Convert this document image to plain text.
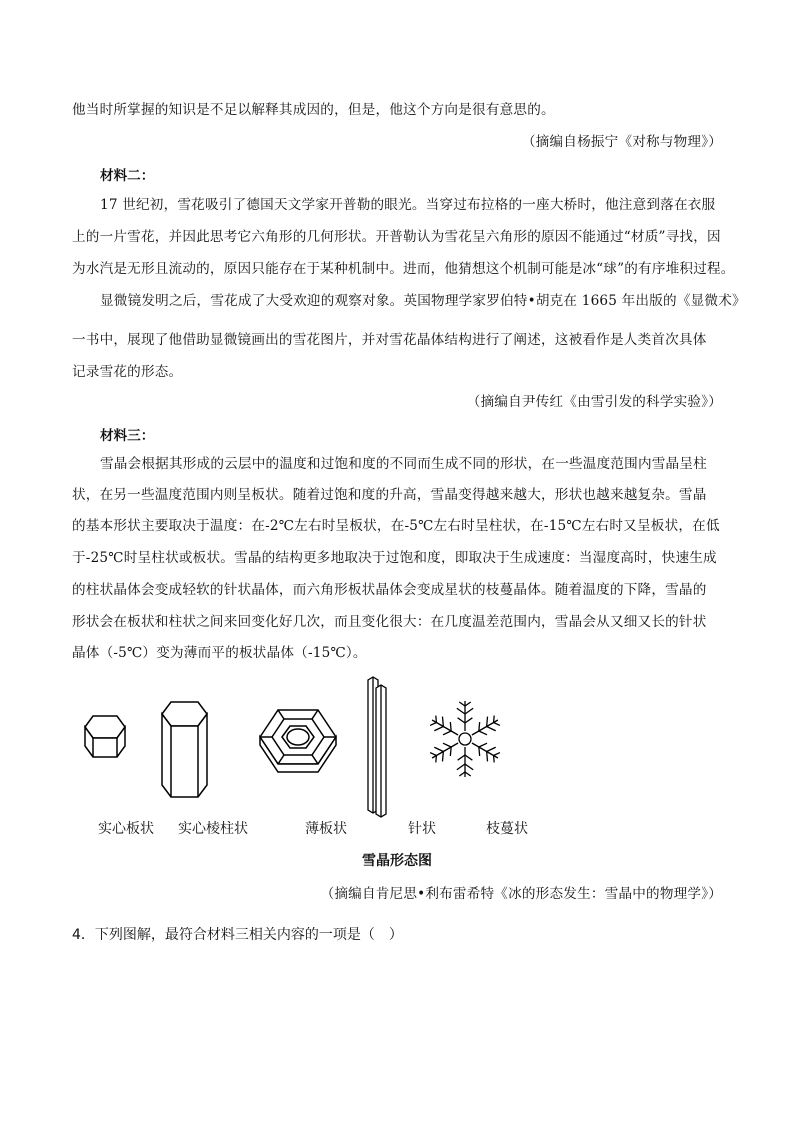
他当时所掌握的知识是不足以解释其成因的，但是，他这个方向是很有意思的。
（摘编自杨振宁《对称与物理》）
材料二：
17 世纪初，雪花吸引了德国天文学家开普勒的眼光。当穿过布拉格的一座大桥时，他注意到落在衣服
上的一片雪花，并因此思考它六角形的几何形状。开普勒认为雪花呈六角形的原因不能通过“材质”寻找，因
为水汽是无形且流动的，原因只能存在于某种机制中。进而，他猜想这个机制可能是冰“球”的有序堆积过程。
显微镜发明之后，雪花成了大受欢迎的观察对象。英国物理学家罗伯特•胡克在 1665 年出版的《显微术》
一书中，展现了他借助显微镜画出的雪花图片，并对雪花晶体结构进行了阐述，这被看作是人类首次具体
记录雪花的形态。
（摘编自尹传红《由雪引发的科学实验》）
材料三：
雪晶会根据其形成的云层中的温度和过饱和度的不同而生成不同的形状，在一些温度范围内雪晶呈柱
状，在另一些温度范围内则呈板状。随着过饱和度的升高，雪晶变得越来越大，形状也越来越复杂。雪晶
的基本形状主要取决于温度：在-2℃左右时呈板状，在-5℃左右时呈柱状，在-15℃左右时又呈板状，在低
于-25℃时呈柱状或板状。雪晶的结构更多地取决于过饱和度，即取决于生成速度：当湿度高时，快速生成
的柱状晶体会变成轻软的针状晶体，而六角形板状晶体会变成星状的枝蔓晶体。随着温度的下降，雪晶的
形状会在板状和柱状之间来回变化好几次，而且变化很大：在几度温差范围内，雪晶会从又细又长的针状
晶体（-5℃）变为薄而平的板状晶体（-15℃）。
实心板状 实心棱柱状	薄板状	针状	枝蔓状
雪晶形态图
（摘编自肯尼思•利布雷希特《冰的形态发生：雪晶中的物理学》）
4．下列图解，最符合材料三相关内容的一项是（　）
